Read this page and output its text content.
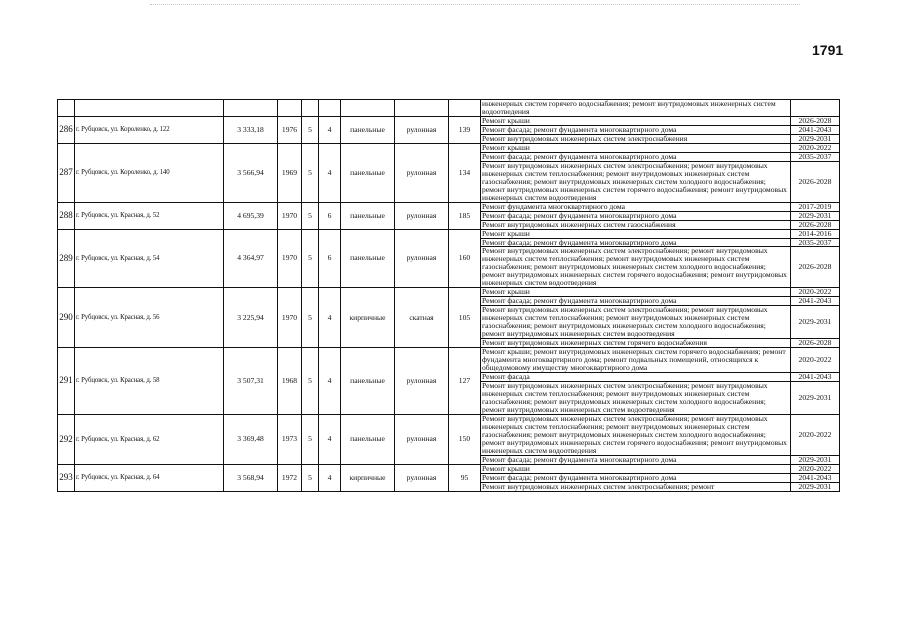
1791
									инженерных систем горячего водоснабжения; ремонт внутридомовых инженерных систем водоотведения	
286	г. Рубцовск, ул. Короленко, д. 122	3 333,18	1976	5	4	панельные	рулонная	139	Ремонт крыши	2026-2028
									Ремонт фасада; ремонт фундамента многоквартирного дома	2041-2043
									Ремонт внутридомовых инженерных систем электроснабжения	2029-2031
287	г. Рубцовск, ул. Короленко, д. 140	3 566,94	1969	5	4	панельные	рулонная	134	Ремонт крыши	2020-2022
									Ремонт фасада; ремонт фундамента многоквартирного дома	2035-2037
									Ремонт внутридомовых инженерных систем электроснабжения; ремонт внутридомовых инженерных систем теплоснабжения; ремонт внутридомовых инженерных систем газоснабжения; ремонт внутридомовых инженерных систем холодного водоснабжения; ремонт внутридомовых инженерных систем горячего водоснабжения; ремонт внутридомовых инженерных систем водоотведения	2026-2028
288	г. Рубцовск, ул. Красная, д. 52	4 695,39	1970	5	6	панельные	рулонная	185	Ремонт фундамента многоквартирного дома	2017-2019
									Ремонт фасада; ремонт фундамента многоквартирного дома	2029-2031
									Ремонт внутридомовых инженерных систем газоснабжения	2026-2028
289	г. Рубцовск, ул. Красная, д. 54	4 364,97	1970	5	6	панельные	рулонная	160	Ремонт крыши	2014-2016
									Ремонт фасада; ремонт фундамента многоквартирного дома	2035-2037
									Ремонт внутридомовых инженерных систем электроснабжения; ремонт внутридомовых инженерных систем теплоснабжения; ремонт внутридомовых инженерных систем газоснабжения; ремонт внутридомовых инженерных систем холодного водоснабжения; ремонт внутридомовых инженерных систем горячего водоснабжения; ремонт внутридомовых инженерных систем водоотведения	2026-2028
290	г. Рубцовск, ул. Красная, д. 56	3 225,94	1970	5	4	кирпичные	скатная	105	Ремонт крыши	2020-2022
									Ремонт фасада; ремонт фундамента многоквартирного дома	2041-2043
									Ремонт внутридомовых инженерных систем электроснабжения; ремонт внутридомовых инженерных систем теплоснабжения; ремонт внутридомовых инженерных систем газоснабжения; ремонт внутридомовых инженерных систем холодного водоснабжения; ремонт внутридомовых инженерных систем водоотведения	2029-2031
									Ремонт внутридомовых инженерных систем горячего водоснабжения	2026-2028
291	г. Рубцовск, ул. Красная, д. 58	3 507,31	1968	5	4	панельные	рулонная	127	Ремонт крыши; ремонт внутридомовых инженерных систем горячего водоснабжения; ремонт фундамента многоквартирного дома; ремонт подвальных помещений, относящихся к общедомовому имуществу многоквартирного дома	2020-2022
									Ремонт фасада	2041-2043
									Ремонт внутридомовых инженерных систем электроснабжения; ремонт внутридомовых инженерных систем теплоснабжения; ремонт внутридомовых инженерных систем газоснабжения; ремонт внутридомовых инженерных систем холодного водоснабжения; ремонт внутридомовых инженерных систем водоотведения	2029-2031
292	г. Рубцовск, ул. Красная, д. 62	3 369,48	1973	5	4	панельные	рулонная	150	Ремонт внутридомовых инженерных систем электроснабжения; ремонт внутридомовых инженерных систем теплоснабжения; ремонт внутридомовых инженерных систем газоснабжения; ремонт внутридомовых инженерных систем холодного водоснабжения; ремонт внутридомовых инженерных систем горячего водоснабжения; ремонт внутридомовых инженерных систем водоотведения	2020-2022
									Ремонт фасада; ремонт фундамента многоквартирного дома	2029-2031
293	г. Рубцовск, ул. Красная, д. 64	3 568,94	1972	5	4	кирпичные	рулонная	95	Ремонт крыши	2020-2022
									Ремонт фасада; ремонт фундамента многоквартирного дома	2041-2043
									Ремонт внутридомовых инженерных систем электроснабжения; ремонт	2029-2031
